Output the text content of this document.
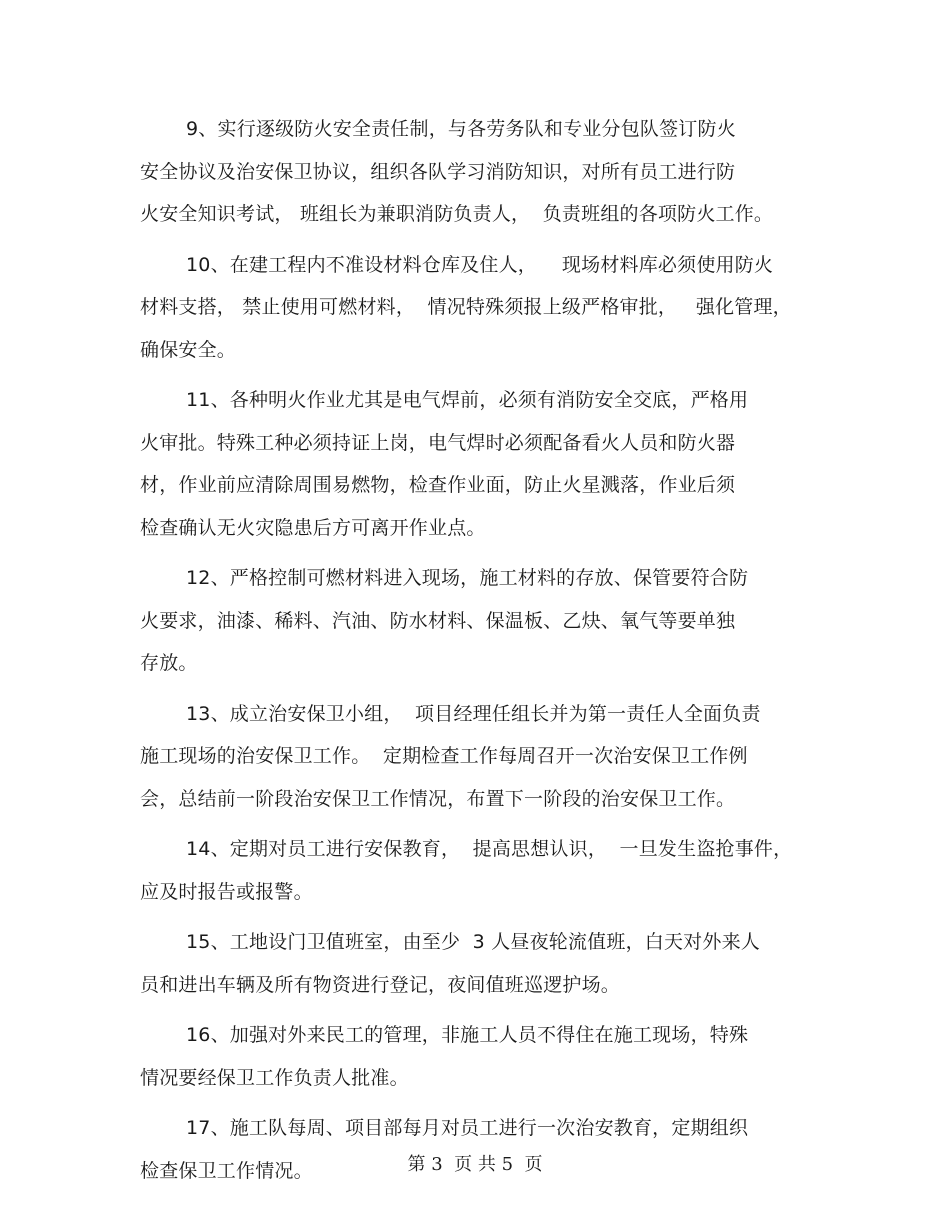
9、实行逐级防火安全责任制，与各劳务队和专业分包队签订防火
安全协议及治安保卫协议，组织各队学习消防知识，对所有员工进行防
火安全知识考试， 班组长为兼职消防负责人，  负责班组的各项防火工作。

10、在建工程内不准设材料仓库及住人，    现场材料库必须使用防火
材料支搭， 禁止使用可燃材料，  情况特殊须报上级严格审批，   强化管理，
确保安全。

11、各种明火作业尤其是电气焊前，必须有消防安全交底，严格用
火审批。特殊工种必须持证上岗，电气焊时必须配备看火人员和防火器
材，作业前应清除周围易燃物，检查作业面，防止火星溅落，作业后须
检查确认无火灾隐患后方可离开作业点。

12、严格控制可燃材料进入现场，施工材料的存放、保管要符合防
火要求，油漆、稀料、汽油、防水材料、保温板、乙炔、氧气等要单独
存放。

13、成立治安保卫小组，  项目经理任组长并为第一责任人全面负责
施工现场的治安保卫工作。  定期检查工作每周召开一次治安保卫工作例
会，总结前一阶段治安保卫工作情况，布置下一阶段的治安保卫工作。

14、定期对员工进行安保教育，  提高思想认识，  一旦发生盗抢事件，
应及时报告或报警。

15、工地设门卫值班室，由至少  3 人昼夜轮流值班，白天对外来人
员和进出车辆及所有物资进行登记，夜间值班巡逻护场。

16、加强对外来民工的管理，非施工人员不得住在施工现场，特殊
情况要经保卫工作负责人批准。

17、施工队每周、项目部每月对员工进行一次治安教育，定期组织
检查保卫工作情况。	第 3  页 共 5  页
